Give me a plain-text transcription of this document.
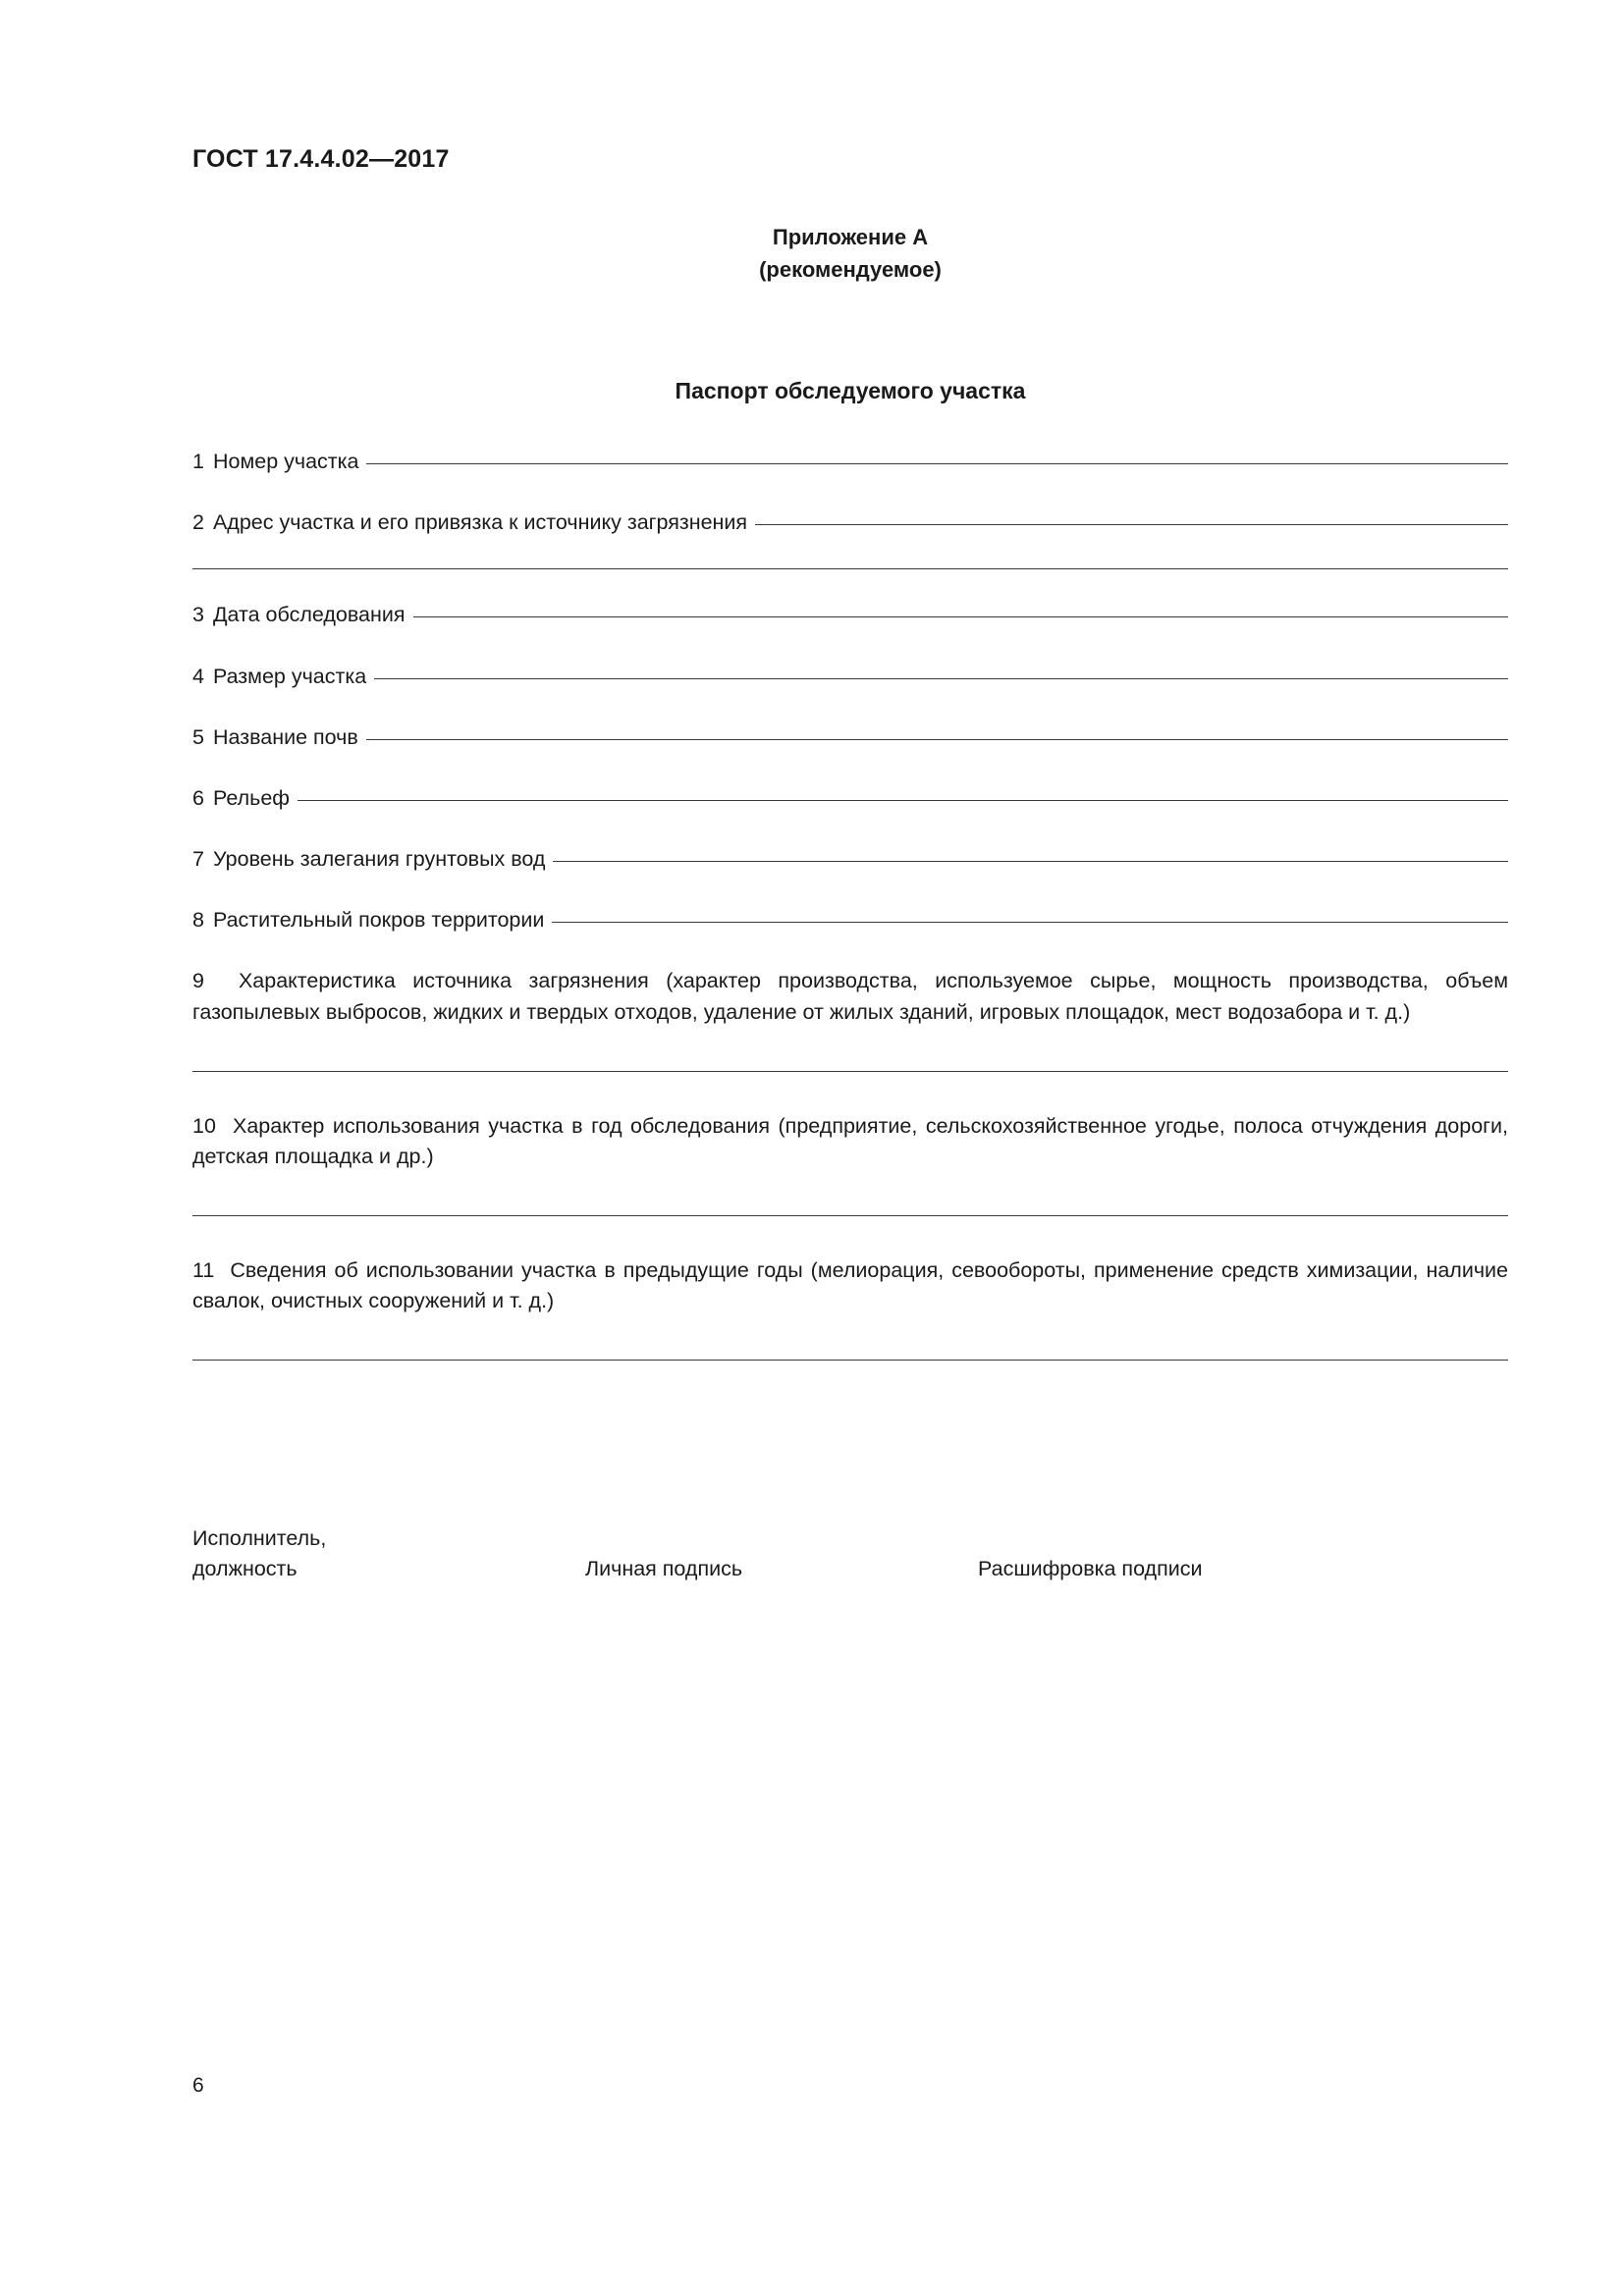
ГОСТ 17.4.4.02—2017
Приложение А
(рекомендуемое)
Паспорт обследуемого участка
1 Номер участка
2 Адрес участка и его привязка к источнику загрязнения
3 Дата обследования
4 Размер участка
5 Название почв
6 Рельеф
7 Уровень залегания грунтовых вод
8 Растительный покров территории

9 Характеристика источника загрязнения (характер производства, используемое сырье, мощность производства, объем газопылевых выбросов, жидких и твердых отходов, удаление от жилых зданий, игровых площадок, мест водозабора и т. д.)

10 Характер использования участка в год обследования (предприятие, сельскохозяйственное угодье, полоса отчуждения дороги, детская площадка и др.)

11 Сведения об использовании участка в предыдущие годы (мелиорация, севообороты, применение средств химизации, наличие свалок, очистных сооружений и т. д.)

Исполнитель,
должность	Личная подпись	Расшифровка подписи
6
